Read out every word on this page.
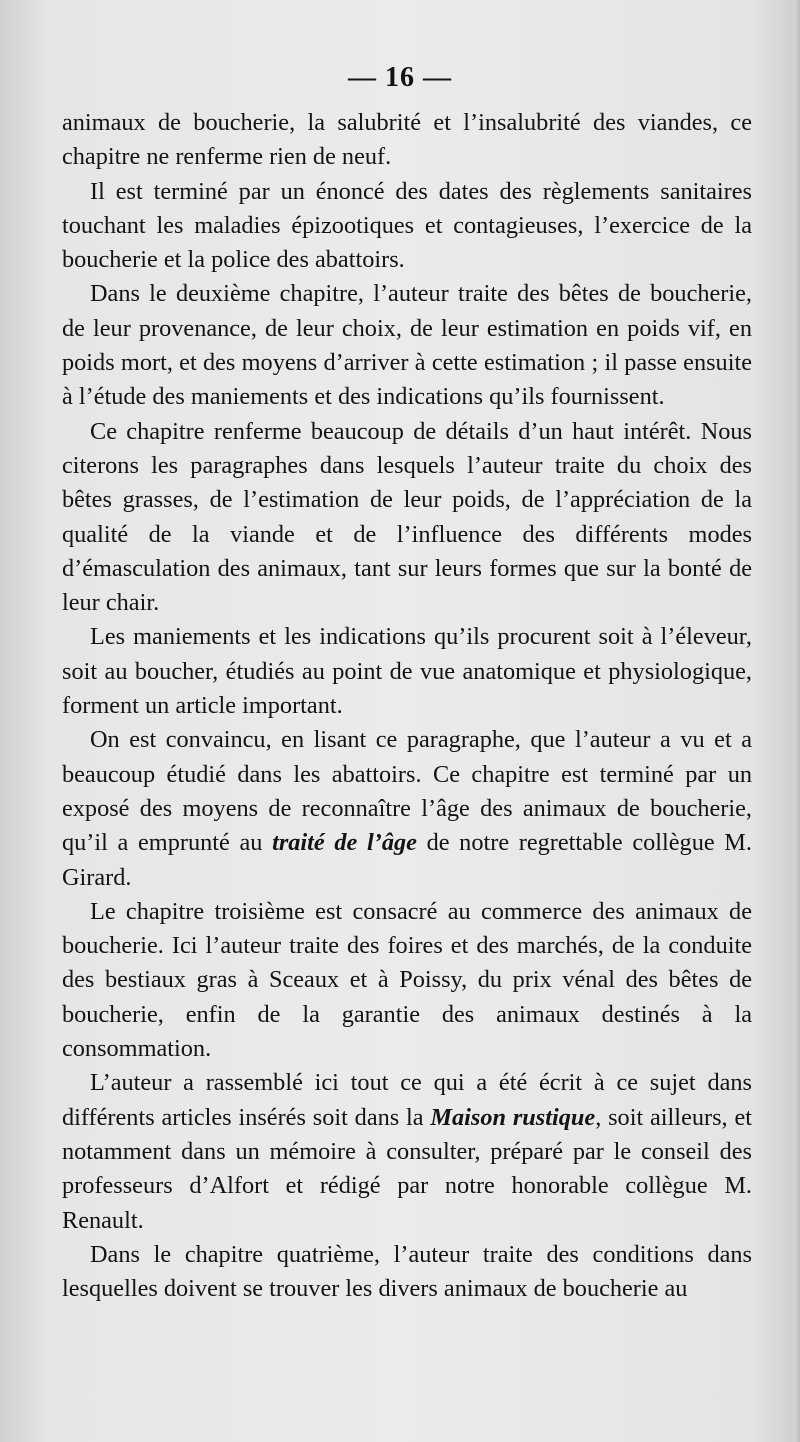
— 16 —

animaux de boucherie, la salubrité et l’insalubrité des viandes, ce chapitre ne renferme rien de neuf.

Il est terminé par un énoncé des dates des règlements sanitaires touchant les maladies épizootiques et contagieuses, l’exercice de la boucherie et la police des abattoirs.

Dans le deuxième chapitre, l’auteur traite des bêtes de boucherie, de leur provenance, de leur choix, de leur estimation en poids vif, en poids mort, et des moyens d’arriver à cette estimation ; il passe ensuite à l’étude des maniements et des indications qu’ils fournissent.

Ce chapitre renferme beaucoup de détails d’un haut intérêt. Nous citerons les paragraphes dans lesquels l’auteur traite du choix des bêtes grasses, de l’estimation de leur poids, de l’appréciation de la qualité de la viande et de l’influence des différents modes d’émasculation des animaux, tant sur leurs formes que sur la bonté de leur chair.

Les maniements et les indications qu’ils procurent soit à l’éleveur, soit au boucher, étudiés au point de vue anatomique et physiologique, forment un article important.

On est convaincu, en lisant ce paragraphe, que l’auteur a vu et a beaucoup étudié dans les abattoirs. Ce chapitre est terminé par un exposé des moyens de reconnaître l’âge des animaux de boucherie, qu’il a emprunté au traité de l’âge de notre regrettable collègue M. Girard.

Le chapitre troisième est consacré au commerce des animaux de boucherie. Ici l’auteur traite des foires et des marchés, de la conduite des bestiaux gras à Sceaux et à Poissy, du prix vénal des bêtes de boucherie, enfin de la garantie des animaux destinés à la consommation.

L’auteur a rassemblé ici tout ce qui a été écrit à ce sujet dans différents articles insérés soit dans la Maison rustique, soit ailleurs, et notamment dans un mémoire à consulter, préparé par le conseil des professeurs d’Alfort et rédigé par notre honorable collègue M. Renault.

Dans le chapitre quatrième, l’auteur traite des conditions dans lesquelles doivent se trouver les divers animaux de boucherie au
